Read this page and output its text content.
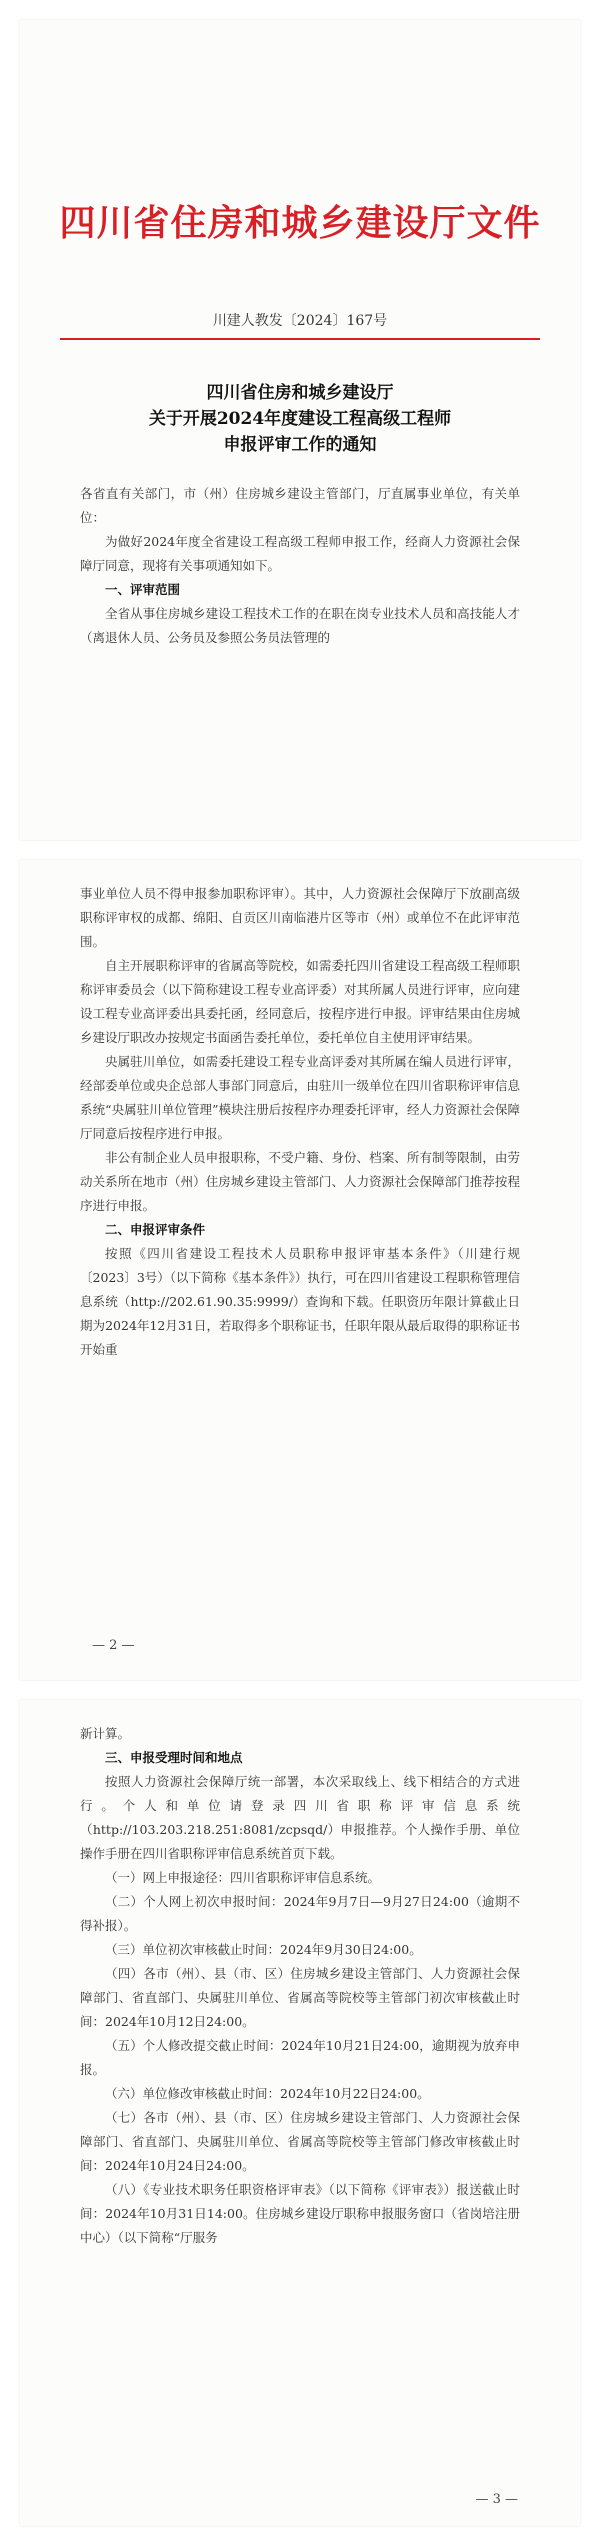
四川省住房和城乡建设厅文件
川建人教发〔2024〕167号
四川省住房和城乡建设厅
关于开展2024年度建设工程高级工程师
申报评审工作的通知

各省直有关部门，市（州）住房城乡建设主管部门，厅直属事业单位，有关单位：

为做好2024年度全省建设工程高级工程师申报工作，经商人力资源社会保障厅同意，现将有关事项通知如下。

一、评审范围

全省从事住房城乡建设工程技术工作的在职在岗专业技术人员和高技能人才（离退休人员、公务员及参照公务员法管理的

事业单位人员不得申报参加职称评审）。其中，人力资源社会保障厅下放副高级职称评审权的成都、绵阳、自贡区川南临港片区等市（州）或单位不在此评审范围。

自主开展职称评审的省属高等院校，如需委托四川省建设工程高级工程师职称评审委员会（以下简称建设工程专业高评委）对其所属人员进行评审，应向建设工程专业高评委出具委托函，经同意后，按程序进行申报。评审结果由住房城乡建设厅职改办按规定书面函告委托单位，委托单位自主使用评审结果。

央属驻川单位，如需委托建设工程专业高评委对其所属在编人员进行评审，经部委单位或央企总部人事部门同意后，由驻川一级单位在四川省职称评审信息系统“央属驻川单位管理”模块注册后按程序办理委托评审，经人力资源社会保障厅同意后按程序进行申报。

非公有制企业人员申报职称，不受户籍、身份、档案、所有制等限制，由劳动关系所在地市（州）住房城乡建设主管部门、人力资源社会保障部门推荐按程序进行申报。

二、申报评审条件

按照《四川省建设工程技术人员职称申报评审基本条件》（川建行规〔2023〕3号）（以下简称《基本条件》）执行，可在四川省建设工程职称管理信息系统（http://202.61.90.35:9999/）查询和下载。任职资历年限计算截止日期为2024年12月31日，若取得多个职称证书，任职年限从最后取得的职称证书开始重

— 2 —

新计算。

三、申报受理时间和地点

按照人力资源社会保障厅统一部署，本次采取线上、线下相结合的方式进行。个人和单位请登录四川省职称评审信息系统（http://103.203.218.251:8081/zcpsqd/）申报推荐。个人操作手册、单位操作手册在四川省职称评审信息系统首页下载。

（一）网上申报途径：四川省职称评审信息系统。

（二）个人网上初次申报时间：2024年9月7日—9月27日24:00（逾期不得补报）。

（三）单位初次审核截止时间：2024年9月30日24:00。

（四）各市（州）、县（市、区）住房城乡建设主管部门、人力资源社会保障部门、省直部门、央属驻川单位、省属高等院校等主管部门初次审核截止时间：2024年10月12日24:00。

（五）个人修改提交截止时间：2024年10月21日24:00，逾期视为放弃申报。

（六）单位修改审核截止时间：2024年10月22日24:00。

（七）各市（州）、县（市、区）住房城乡建设主管部门、人力资源社会保障部门、省直部门、央属驻川单位、省属高等院校等主管部门修改审核截止时间：2024年10月24日24:00。

（八）《专业技术职务任职资格评审表》（以下简称《评审表》）报送截止时间：2024年10月31日14:00。住房城乡建设厅职称申报服务窗口（省岗培注册中心）（以下简称“厅服务

— 3 —
